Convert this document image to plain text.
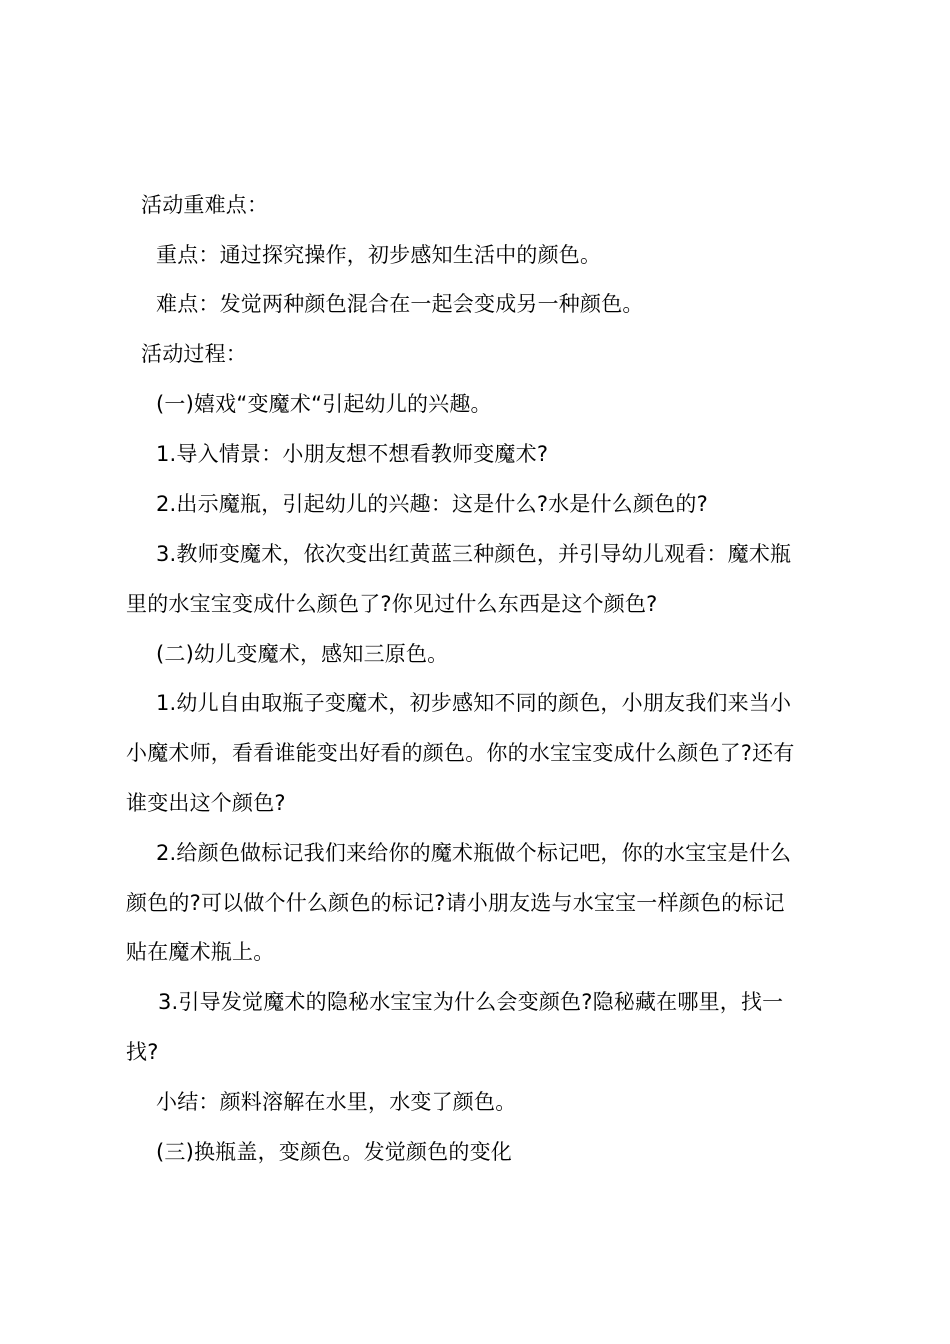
活动重难点：
重点：通过探究操作，初步感知生活中的颜色。
难点：发觉两种颜色混合在一起会变成另一种颜色。
活动过程：
(一)嬉戏“变魔术“引起幼儿的兴趣。
1.导入情景：小朋友想不想看教师变魔术?
2.出示魔瓶，引起幼儿的兴趣：这是什么?水是什么颜色的?
3.教师变魔术，依次变出红黄蓝三种颜色，并引导幼儿观看：魔术瓶
里的水宝宝变成什么颜色了?你见过什么东西是这个颜色?
(二)幼儿变魔术，感知三原色。
1.幼儿自由取瓶子变魔术，初步感知不同的颜色，小朋友我们来当小
小魔术师，看看谁能变出好看的颜色。你的水宝宝变成什么颜色了?还有
谁变出这个颜色?
2.给颜色做标记我们来给你的魔术瓶做个标记吧，你的水宝宝是什么
颜色的?可以做个什么颜色的标记?请小朋友选与水宝宝一样颜色的标记
贴在魔术瓶上。
3.引导发觉魔术的隐秘水宝宝为什么会变颜色?隐秘藏在哪里，找一
找?
小结：颜料溶解在水里，水变了颜色。
(三)换瓶盖，变颜色。发觉颜色的变化
